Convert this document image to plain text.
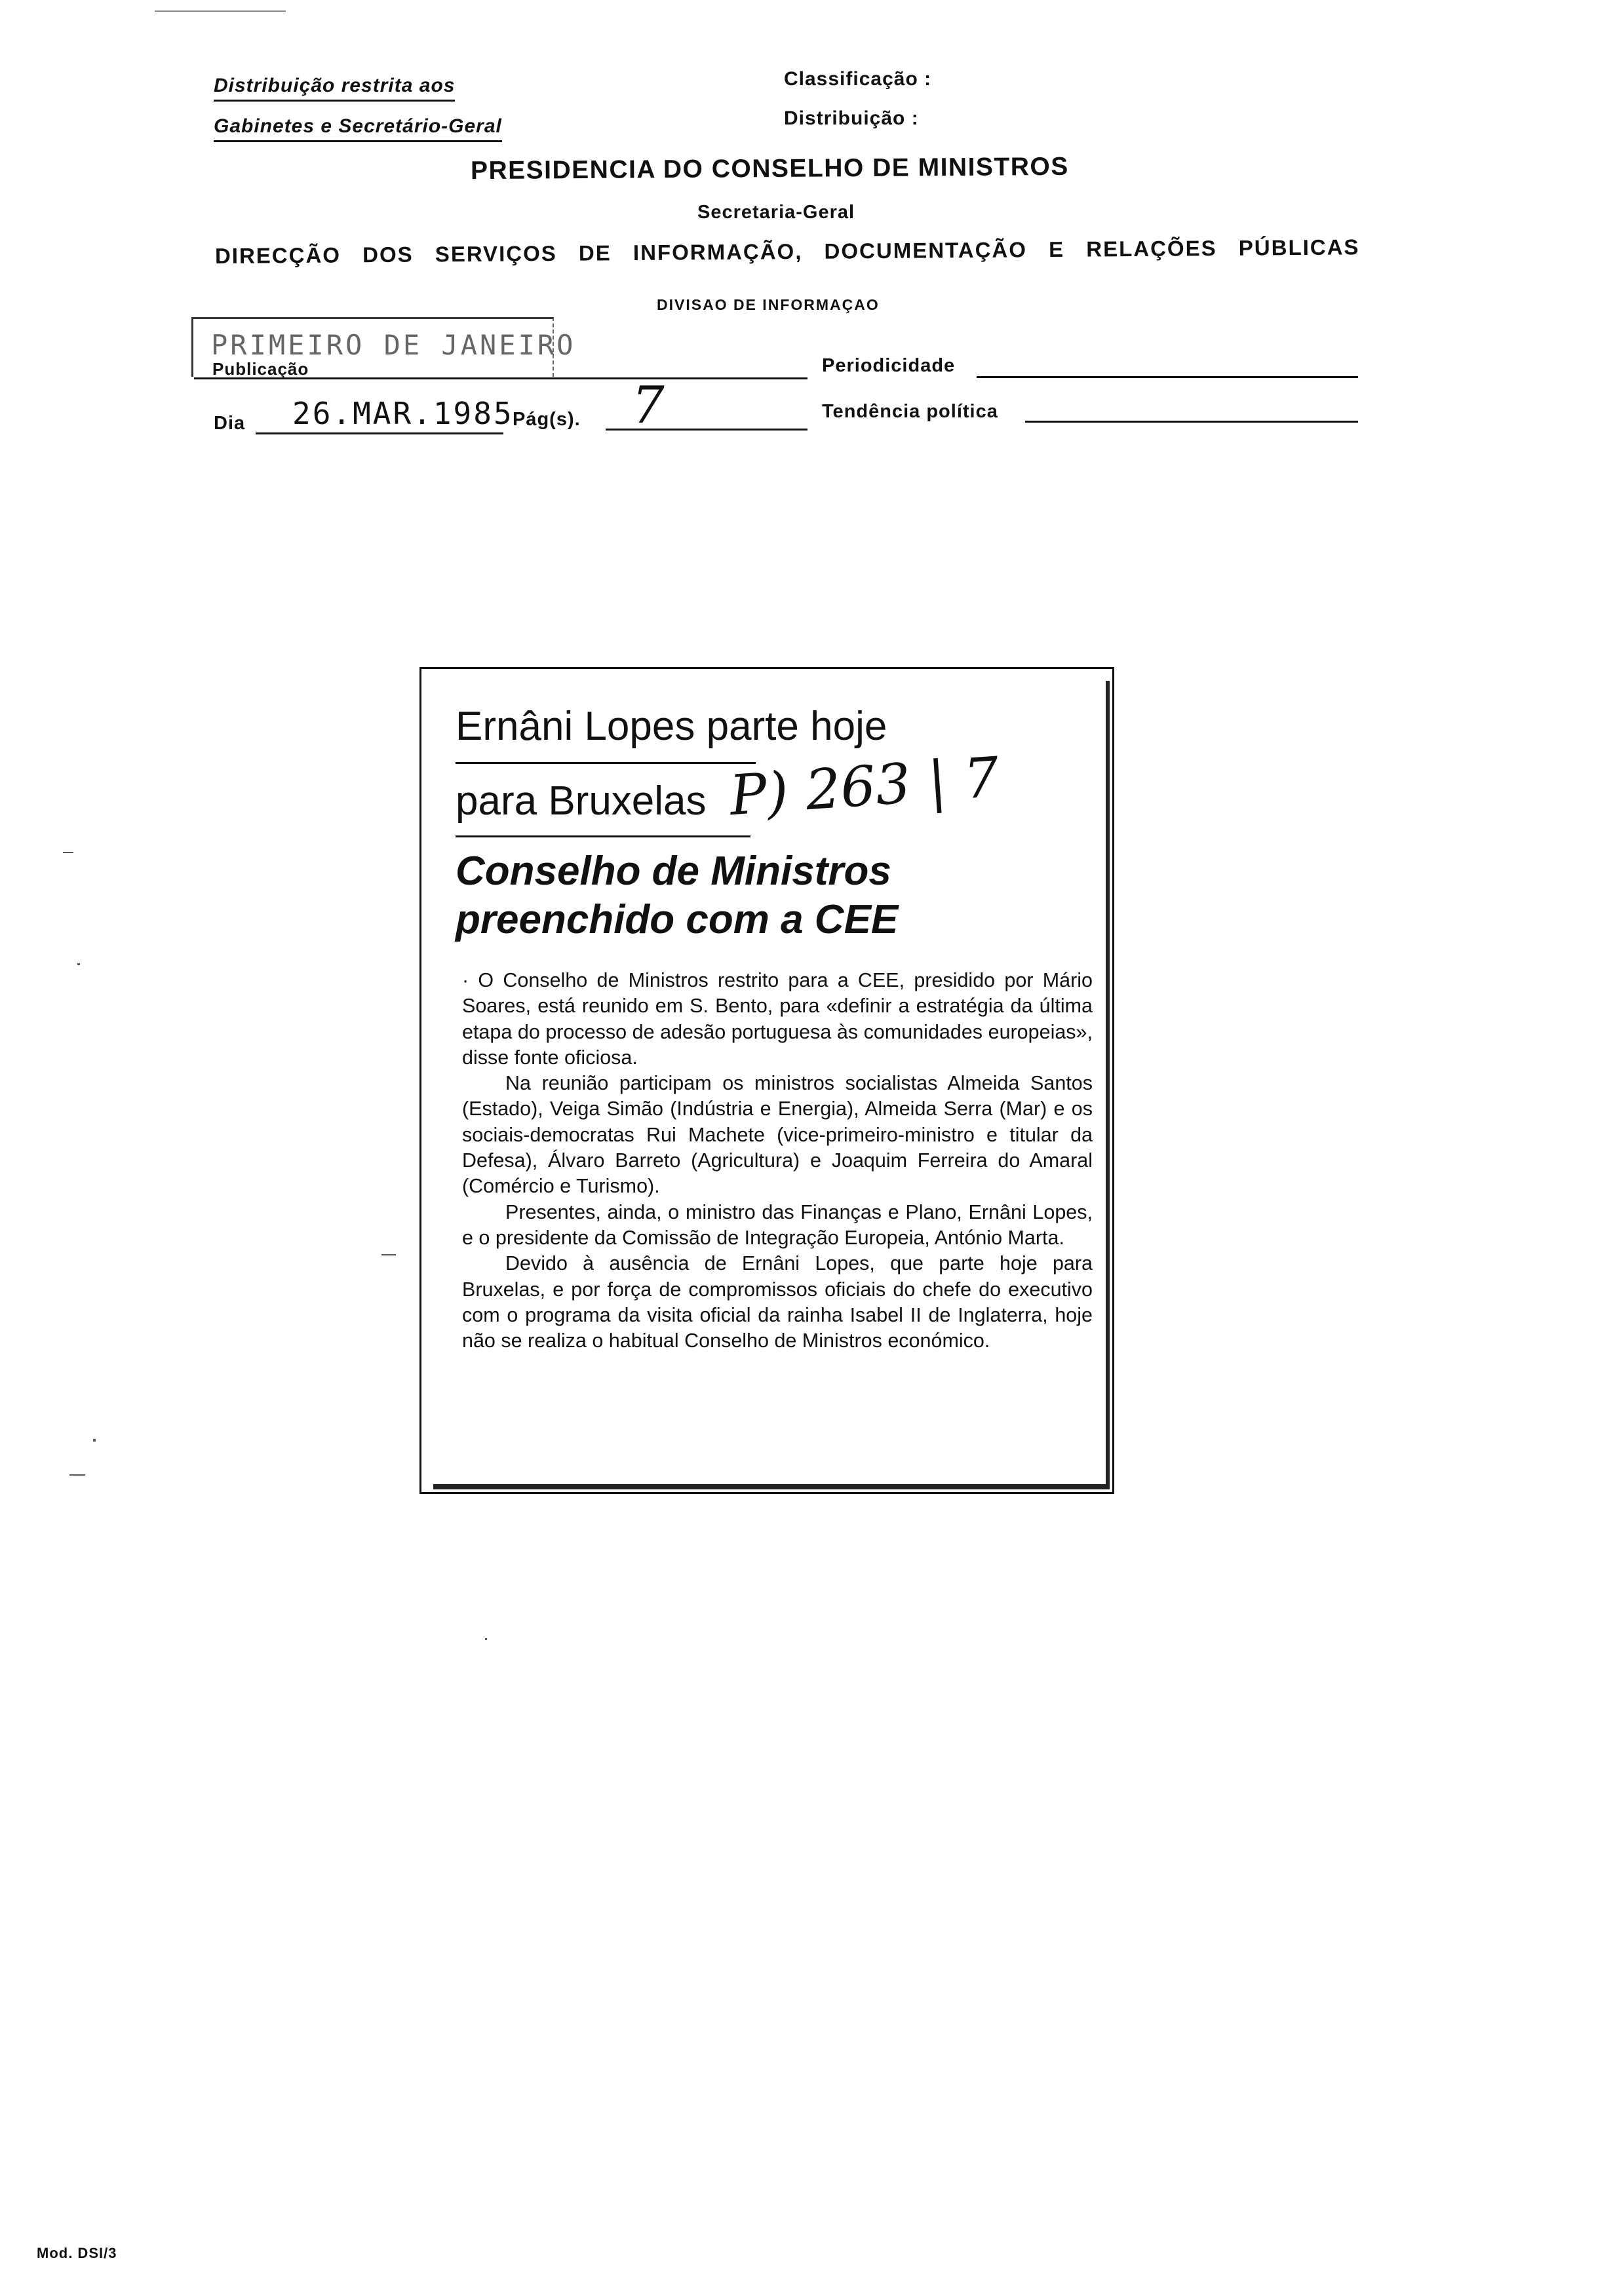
Distribuição restrita aos
Gabinetes e Secretário-Geral
Classificação :
Distribuição :
PRESIDENCIA DO CONSELHO DE MINISTROS
Secretaria-Geral
DIRECÇÃO DOS SERVIÇOS DE INFORMAÇÃO, DOCUMENTAÇÃO E RELAÇÕES PÚBLICAS
DIVISAO DE INFORMAÇAO
PRIMEIRO DE JANEIRO
Publicação	Periodicidade
Dia 26.MAR.1985
Pág(s). 7	Tendência política
Ernâni Lopes parte hoje
para Bruxelas P) 263 | 7
Conselho de Ministros
preenchido com a CEE

· O Conselho de Ministros restrito para a CEE, presidido por Mário Soares, está reunido em S. Bento, para «definir a estratégia da última etapa do processo de adesão portuguesa às comunidades europeias», disse fonte oficiosa.

Na reunião participam os ministros socialistas Almeida Santos (Estado), Veiga Simão (Indústria e Energia), Almeida Serra (Mar) e os sociais-democratas Rui Machete (vice-primeiro-ministro e titular da Defesa), Álvaro Barreto (Agricultura) e Joaquim Ferreira do Amaral (Comércio e Turismo).

Presentes, ainda, o ministro das Finanças e Plano, Ernâni Lopes, e o presidente da Comissão de Integração Europeia, António Marta.

Devido à ausência de Ernâni Lopes, que parte hoje para Bruxelas, e por força de compromissos oficiais do chefe do executivo com o programa da visita oficial da rainha Isabel II de Inglaterra, hoje não se realiza o habitual Conselho de Ministros económico.

Mod. DSI/3
